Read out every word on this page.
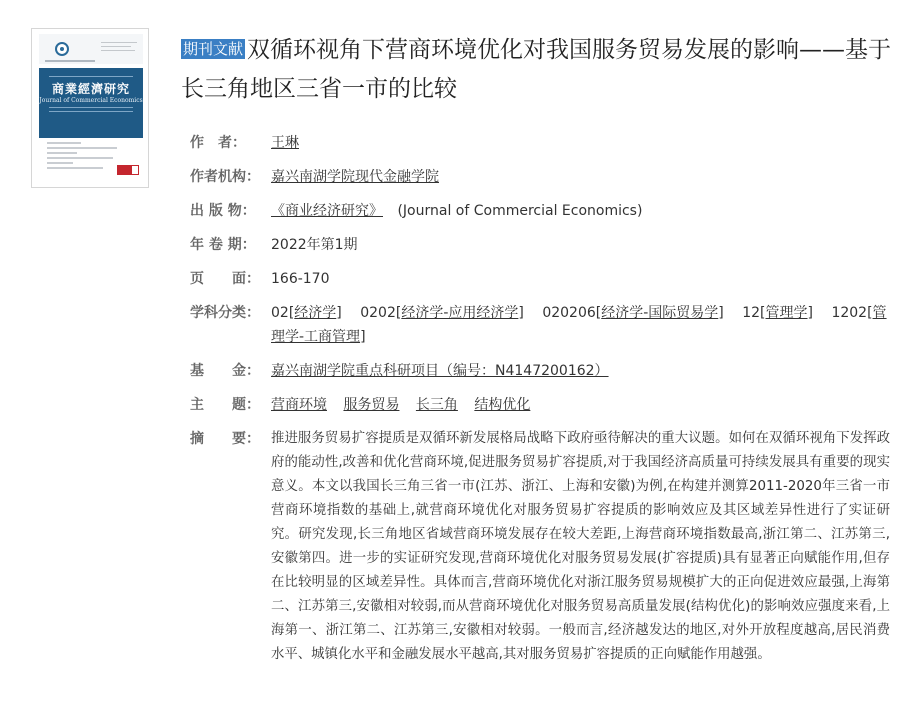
商業經濟研究
Journal of Commercial Economics
期刊文献 双循环视角下营商环境优化对我国服务贸易发展的影响——基于长三角地区三省一市的比较
作　者：	王琳
作者机构： 嘉兴南湖学院现代金融学院
出 版 物：	《商业经济研究》 (Journal of Commercial Economics)
年 卷 期：	2022年第1期
页　　面： 166-170
学科分类： 02[经济学] 0202[经济学-应用经济学] 020206[经济学-国际贸易学] 12[管理学] 1202[管理学-工商管理]
基　　金： 嘉兴南湖学院重点科研项目（编号：N4147200162）
主　　题： 营商环境 服务贸易 长三角 结构优化
摘　　要： 推进服务贸易扩容提质是双循环新发展格局战略下政府亟待解决的重大议题。如何在双循环视角下发挥政府的能动性,改善和优化营商环境,促进服务贸易扩容提质,对于我国经济高质量可持续发展具有重要的现实意义。本文以我国长三角三省一市(江苏、浙江、上海和安徽)为例,在构建并测算2011-2020年三省一市营商环境指数的基础上,就营商环境优化对服务贸易扩容提质的影响效应及其区域差异性进行了实证研究。研究发现,长三角地区省域营商环境发展存在较大差距,上海营商环境指数最高,浙江第二、江苏第三,安徽第四。进一步的实证研究发现,营商环境优化对服务贸易发展(扩容提质)具有显著正向赋能作用,但存在比较明显的区域差异性。具体而言,营商环境优化对浙江服务贸易规模扩大的正向促进效应最强,上海第二、江苏第三,安徽相对较弱,而从营商环境优化对服务贸易高质量发展(结构优化)的影响效应强度来看,上海第一、浙江第二、江苏第三,安徽相对较弱。一般而言,经济越发达的地区,对外开放程度越高,居民消费水平、城镇化水平和金融发展水平越高,其对服务贸易扩容提质的正向赋能作用越强。
